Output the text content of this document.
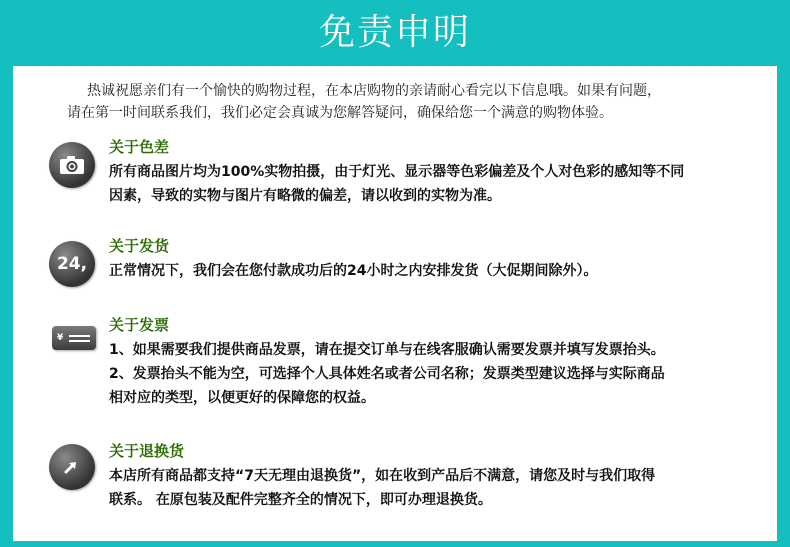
免责申明

热诚祝愿亲们有一个愉快的购物过程，在本店购物的亲请耐心看完以下信息哦。如果有问题，

请在第一时间联系我们，我们必定会真诚为您解答疑问，确保给您一个满意的购物体验。

关于色差

所有商品图片均为100%实物拍摄，由于灯光、显示器等色彩偏差及个人对色彩的感知等不同

因素，导致的实物与图片有略微的偏差，请以收到的实物为准。

24,
关于发货

正常情况下，我们会在您付款成功后的24小时之内安排发货（大促期间除外）。

¥
关于发票

1、如果需要我们提供商品发票，请在提交订单与在线客服确认需要发票并填写发票抬头。

2、发票抬头不能为空，可选择个人具体姓名或者公司名称；发票类型建议选择与实际商品

相对应的类型，以便更好的保障您的权益。

关于退换货

本店所有商品都支持“7天无理由退换货”，如在收到产品后不满意，请您及时与我们取得

联系。 在原包装及配件完整齐全的情况下，即可办理退换货。
